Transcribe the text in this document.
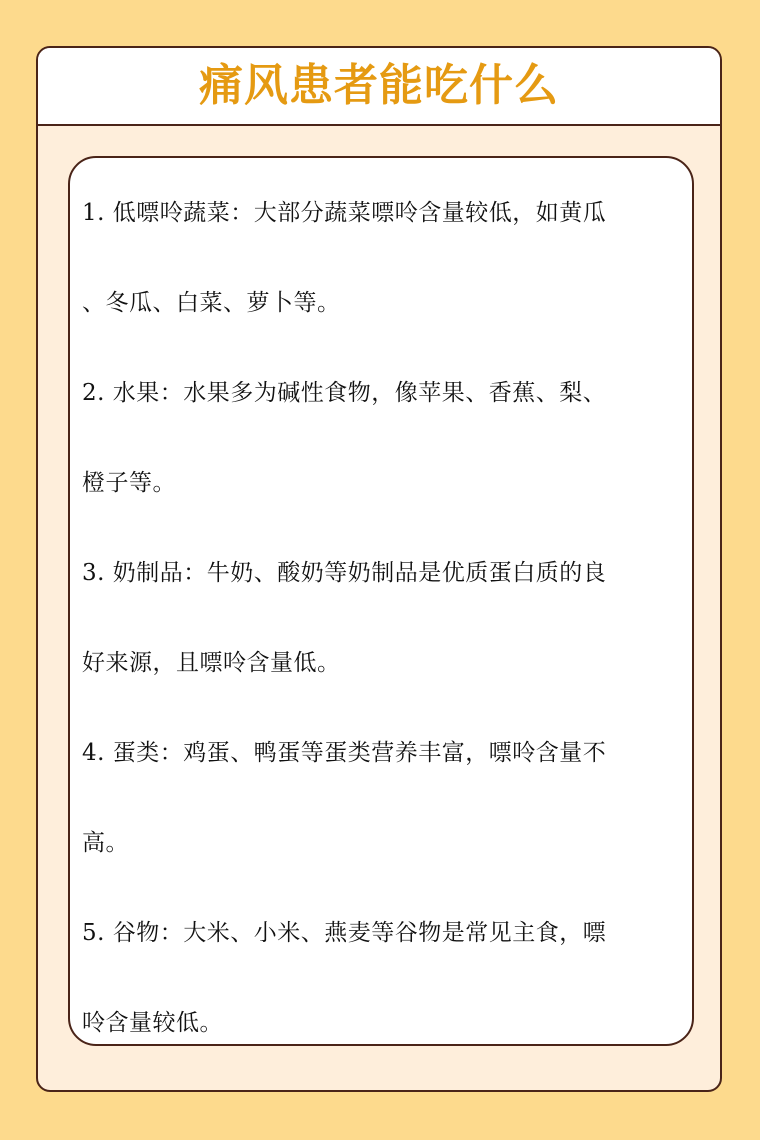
痛风患者能吃什么
1. 低嘌呤蔬菜：大部分蔬菜嘌呤含量较低，如黄瓜
、冬瓜、白菜、萝卜等。
2. 水果：水果多为碱性食物，像苹果、香蕉、梨、
橙子等。
3. 奶制品：牛奶、酸奶等奶制品是优质蛋白质的良
好来源，且嘌呤含量低。
4. 蛋类：鸡蛋、鸭蛋等蛋类营养丰富，嘌呤含量不
高。
5. 谷物：大米、小米、燕麦等谷物是常见主食，嘌
呤含量较低。
